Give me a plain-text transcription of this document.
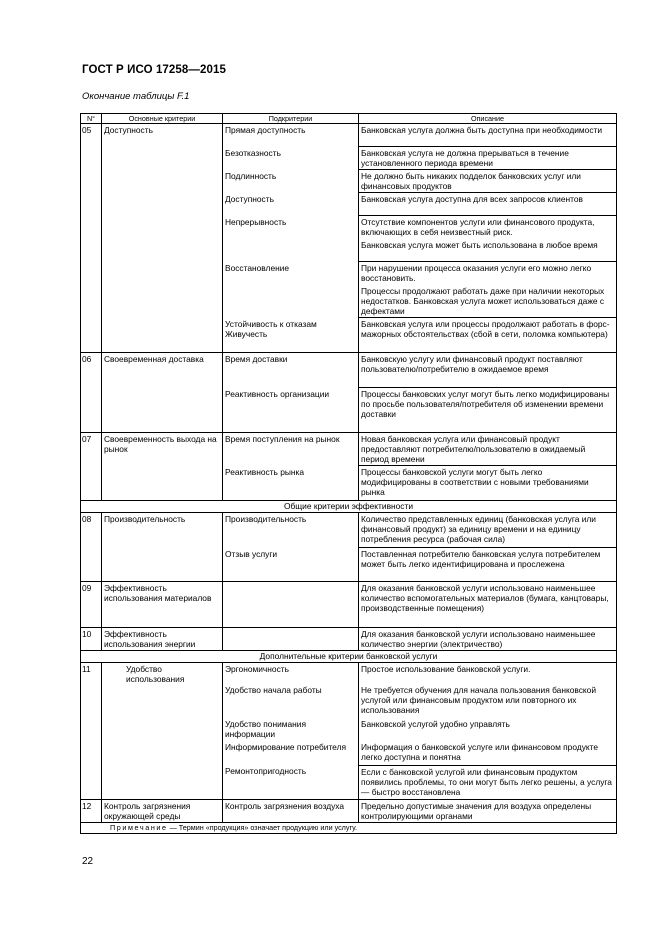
ГОСТ Р ИСО 17258—2015
Окончание таблицы F.1
N°	Основные критерии	Подкритерии	Описание
05	Доступность	Прямая доступность	Банковская услуга должна быть доступна при необходимости
		Безотказность	Банковская услуга не должна прерываться в течение установленного периода времени
		Подлинность	Не должно быть никаких подделок банковских услуг или финансовых продуктов
		Доступность	Банковская услуга доступна для всех запросов клиентов
		Непрерывность	Отсутствие компонентов услуги или финансового продукта, включающих в себя неизвестный риск.
			Банковская услуга может быть использована в любое время
		Восстановление	При нарушении процесса оказания услуги его можно легко восстановить.
			Процессы продолжают работать даже при наличии некоторых недостатков. Банковская услуга может использоваться даже с дефектами
		Устойчивость к отказам Живучесть	Банковская услуга или процессы продолжают работать в форс-мажорных обстоятельствах (сбой в сети, поломка компьютера)
06	Своевременная доставка	Время доставки	Банковскую услугу или финансовый продукт поставляют пользователю/потребителю в ожидаемое время
		Реактивность организации	Процессы банковских услуг могут быть легко модифицированы по просьбе пользователя/потребителя об изменении времени доставки
07	Своевременность выхода на рынок	Время поступления на рынок	Новая банковская услуга или финансовый продукт предоставляют потребителю/пользователю в ожидаемый период времени
		Реактивность рынка	Процессы банковской услуги могут быть легко модифицированы в соответствии с новыми требованиями рынка
Общие критерии эффективности			
08	Производительность	Производительность	Количество представленных единиц (банковская услуга или финансовый продукт) за единицу времени и на единицу потребления ресурса (рабочая сила)
		Отзыв услуги	Поставленная потребителю банковская услуга потребителем может быть легко идентифицирована и прослежена
09	Эффективность использования материалов		Для оказания банковской услуги использовано наименьшее количество вспомогательных материалов (бумага, канцтовары, производственные помещения)
10	Эффективность использования энергии		Для оказания банковской услуги использовано наименьшее количество энергии (электричество)
Дополнительные критерии банковской услуги			
11	Удобство использования	Эргономичность	Простое использование банковской услуги.
		Удобство начала работы	Не требуется обучения для начала пользования банковской услугой или финансовым продуктом или повторного их использования
		Удобство понимания информации	Банковской услугой удобно управлять
		Информирование потребителя	Информация о банковской услуге или финансовом продукте легко доступна и понятна
		Ремонтопригодность	Если с банковской услугой или финансовым продуктом появились проблемы, то они могут быть легко решены, а услуга — быстро восстановлена
12	Контроль загрязнения окружающей среды	Контроль загрязнения воздуха	Предельно допустимые значения для воздуха определены контролирующими органами
Примечание — Термин «продукция» означает продукцию или услугу.			
22
